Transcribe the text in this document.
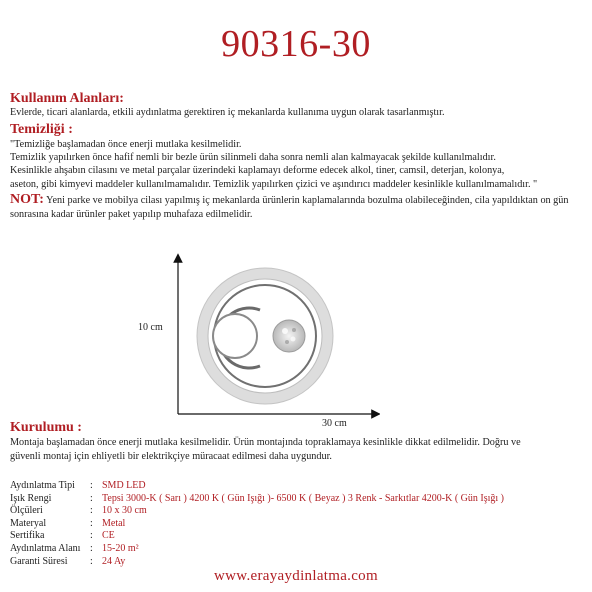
90316-30
Kullanım Alanları:
Evlerde, ticari alanlarda, etkili aydınlatma gerektiren iç mekanlarda kullanıma uygun olarak tasarlanmıştır.
Temizliği :
"Temizliğe başlamadan önce enerji mutlaka kesilmelidir.
Temizlik yapılırken önce hafif nemli bir bezle ürün silinmeli daha sonra nemli alan kalmayacak şekilde kullanılmalıdır.
Kesinlikle ahşabın cilasını ve metal parçalar üzerindeki kaplamayı deforme edecek alkol, tiner, camsil, deterjan, kolonya,
aseton, gibi kimyevi maddeler kullanılmamalıdır. Temizlik yapılırken çizici ve aşındırıcı maddeler kesinlikle kullanılmamalıdır. "
NOT: Yeni parke ve mobilya cilası yapılmış iç mekanlarda ürünlerin kaplamalarında bozulma olabileceğinden, cila yapıldıktan on gün sonrasına kadar ürünler paket yapılıp muhafaza edilmelidir.
10 cm
30 cm
Kurulumu :
Montaja başlamadan önce enerji mutlaka kesilmelidir. Ürün montajında topraklamaya kesinlikle dikkat edilmelidir. Doğru ve
güvenli montaj için ehliyetli bir elektrikçiye müracaat edilmesi daha uygundur.
Aydınlatma Tipi	: SMD LED
Işık Rengi	: Tepsi 3000-K ( Sarı ) 4200 K ( Gün Işığı )- 6500 K ( Beyaz ) 3 Renk - Sarkıtlar 4200-K ( Gün Işığı )
Ölçüleri	: 10 x 30 cm
Materyal	: Metal
Sertifika	: CE
Aydınlatma Alanı : 15-20 m²
Garanti Süresi	: 24 Ay
www.erayaydinlatma.com
